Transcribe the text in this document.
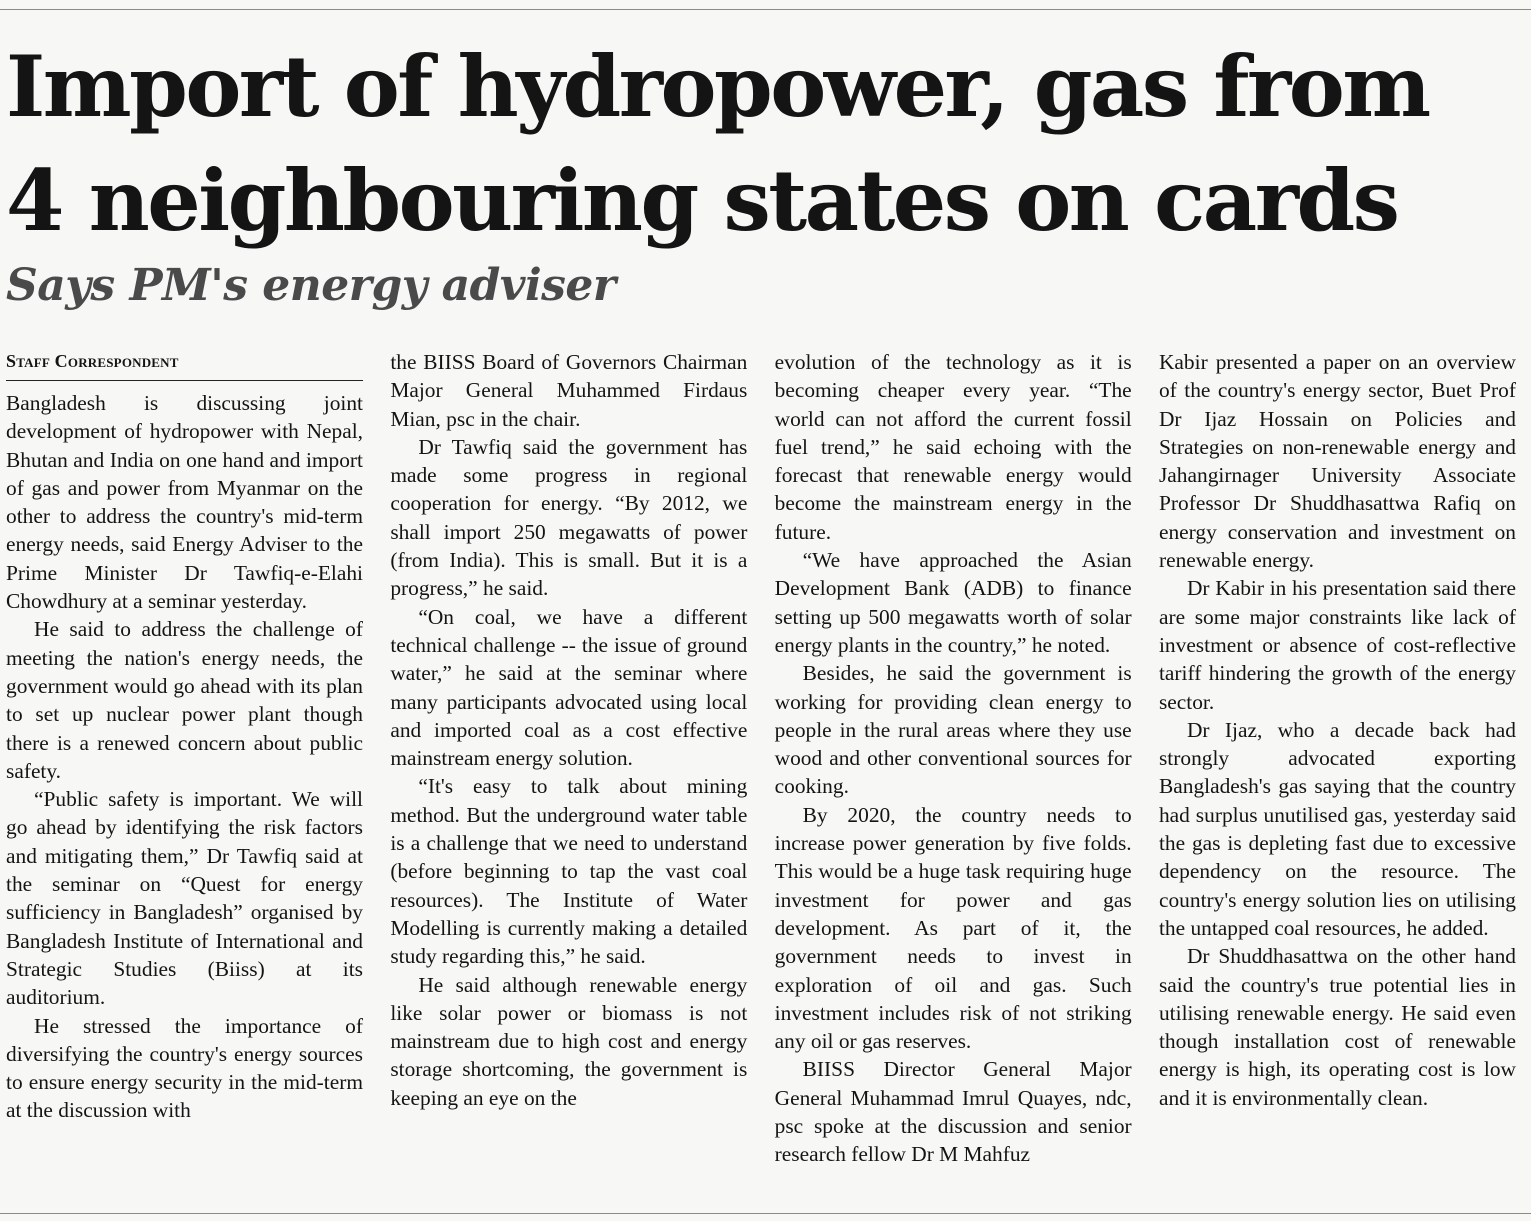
Import of hydropower, gas from
4 neighbouring states on cards
Says PM's energy adviser
Staff Correspondent

Bangladesh is discussing joint development of hydropower with Nepal, Bhutan and India on one hand and import of gas and power from Myanmar on the other to address the country's mid-term energy needs, said Energy Adviser to the Prime Minister Dr Tawfiq-e-Elahi Chowdhury at a seminar yesterday.

He said to address the challenge of meeting the nation's energy needs, the government would go ahead with its plan to set up nuclear power plant though there is a renewed concern about public safety.

“Public safety is important. We will go ahead by identifying the risk factors and mitigating them,” Dr Tawfiq said at the seminar on “Quest for energy sufficiency in Bangladesh” organised by Bangladesh Institute of International and Strategic Studies (Biiss) at its auditorium.

He stressed the importance of diversifying the country's energy sources to ensure energy security in the mid-term at the discussion with

the BIISS Board of Governors Chairman Major General Muhammed Firdaus Mian, psc in the chair.

Dr Tawfiq said the government has made some progress in regional cooperation for energy. “By 2012, we shall import 250 megawatts of power (from India). This is small. But it is a progress,” he said.

“On coal, we have a different technical challenge -- the issue of ground water,” he said at the seminar where many participants advocated using local and imported coal as a cost effective mainstream energy solution.

“It's easy to talk about mining method. But the underground water table is a challenge that we need to understand (before beginning to tap the vast coal resources). The Institute of Water Modelling is currently making a detailed study regarding this,” he said.

He said although renewable energy like solar power or biomass is not mainstream due to high cost and energy storage shortcoming, the government is keeping an eye on the

evolution of the technology as it is becoming cheaper every year. “The world can not afford the current fossil fuel trend,” he said echoing with the forecast that renewable energy would become the mainstream energy in the future.

“We have approached the Asian Development Bank (ADB) to finance setting up 500 megawatts worth of solar energy plants in the country,” he noted.

Besides, he said the government is working for providing clean energy to people in the rural areas where they use wood and other conventional sources for cooking.

By 2020, the country needs to increase power generation by five folds. This would be a huge task requiring huge investment for power and gas development. As part of it, the government needs to invest in exploration of oil and gas. Such investment includes risk of not striking any oil or gas reserves.

BIISS Director General Major General Muhammad Imrul Quayes, ndc, psc spoke at the discussion and senior research fellow Dr M Mahfuz

Kabir presented a paper on an overview of the country's energy sector, Buet Prof Dr Ijaz Hossain on Policies and Strategies on non-renewable energy and Jahangirnager University Associate Professor Dr Shuddhasattwa Rafiq on energy conservation and investment on renewable energy.

Dr Kabir in his presentation said there are some major constraints like lack of investment or absence of cost-reflective tariff hindering the growth of the energy sector.

Dr Ijaz, who a decade back had strongly advocated exporting Bangladesh's gas saying that the country had surplus unutilised gas, yesterday said the gas is depleting fast due to excessive dependency on the resource. The country's energy solution lies on utilising the untapped coal resources, he added.

Dr Shuddhasattwa on the other hand said the country's true potential lies in utilising renewable energy. He said even though installation cost of renewable energy is high, its operating cost is low and it is environmentally clean.
